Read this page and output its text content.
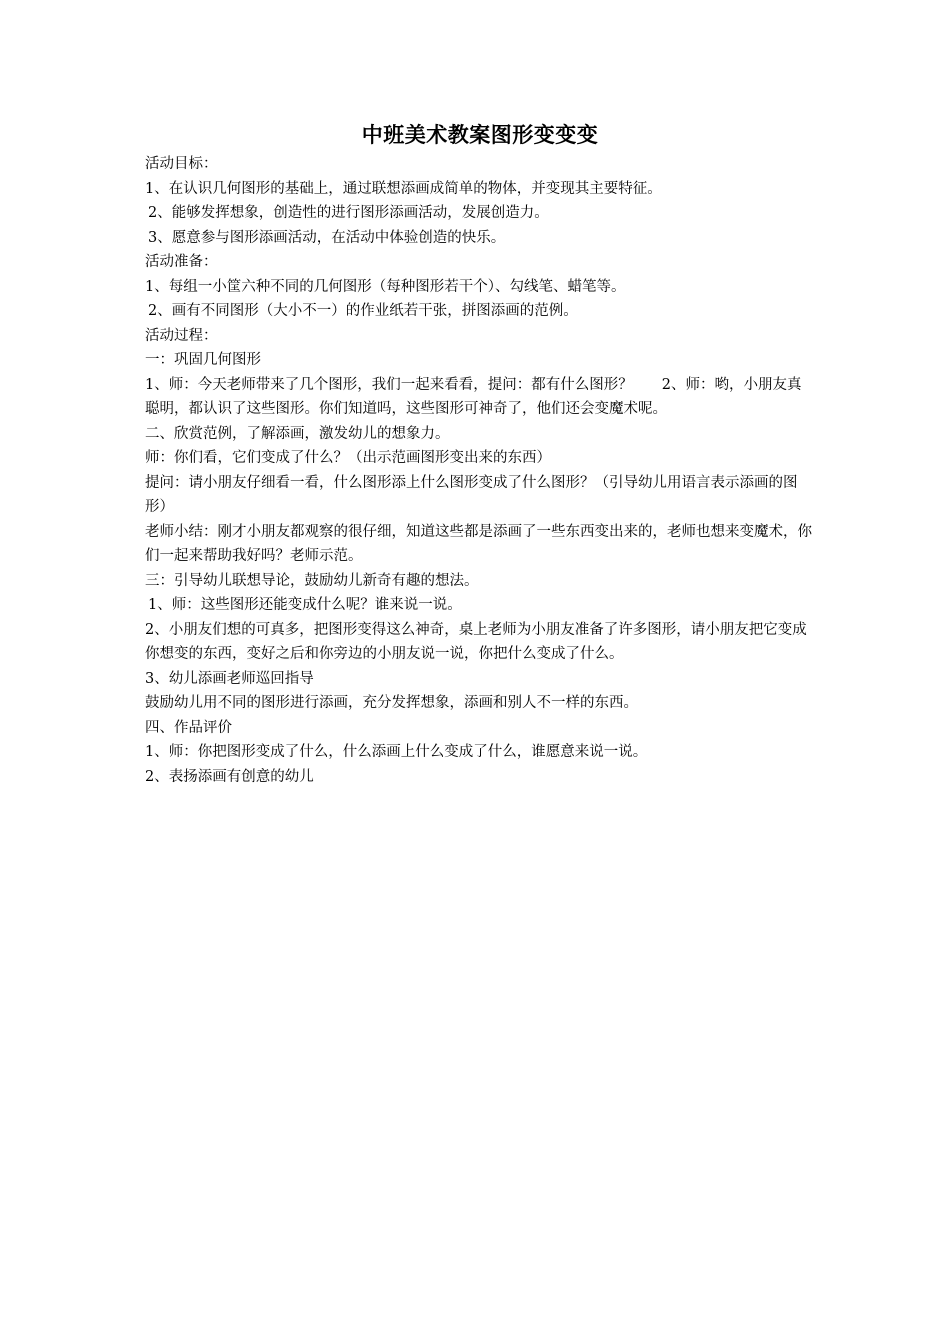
中班美术教案图形变变变

活动目标：

1、在认识几何图形的基础上，通过联想添画成简单的物体，并变现其主要特征。

2、能够发挥想象，创造性的进行图形添画活动，发展创造力。

3、愿意参与图形添画活动，在活动中体验创造的快乐。

活动准备：

1、每组一小筐六种不同的几何图形（每种图形若干个）、勾线笔、蜡笔等。

2、画有不同图形（大小不一）的作业纸若干张，拼图添画的范例。

活动过程：

一：巩固几何图形

1、师：今天老师带来了几个图形，我们一起来看看，提问：都有什么图形？　　2、师：哟，小朋友真聪明，都认识了这些图形。你们知道吗，这些图形可神奇了，他们还会变魔术呢。

二、欣赏范例，了解添画，激发幼儿的想象力。

师：你们看，它们变成了什么？（出示范画图形变出来的东西）

提问：请小朋友仔细看一看，什么图形添上什么图形变成了什么图形？（引导幼儿用语言表示添画的图形）

老师小结：刚才小朋友都观察的很仔细，知道这些都是添画了一些东西变出来的，老师也想来变魔术，你们一起来帮助我好吗？老师示范。

三：引导幼儿联想导论，鼓励幼儿新奇有趣的想法。

1、师：这些图形还能变成什么呢？谁来说一说。

2、小朋友们想的可真多，把图形变得这么神奇，桌上老师为小朋友准备了许多图形，请小朋友把它变成你想变的东西，变好之后和你旁边的小朋友说一说，你把什么变成了什么。

3、幼儿添画老师巡回指导

鼓励幼儿用不同的图形进行添画，充分发挥想象，添画和别人不一样的东西。

四、作品评价

1、师：你把图形变成了什么，什么添画上什么变成了什么，谁愿意来说一说。

2、表扬添画有创意的幼儿
